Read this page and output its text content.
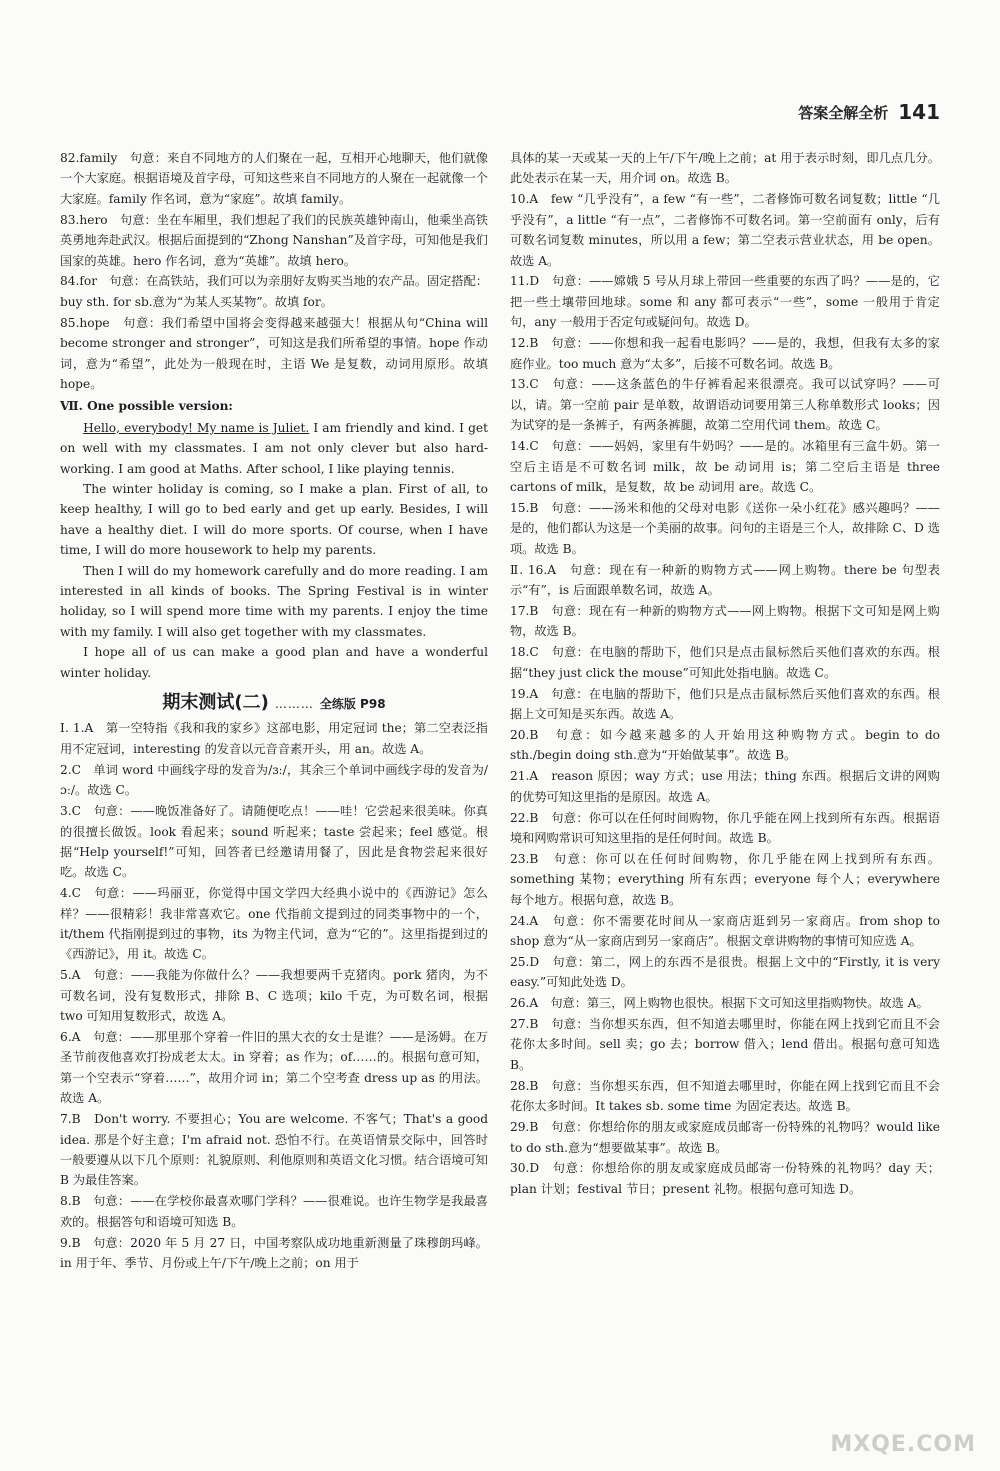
答案全解全析 141
82.family　句意：来自不同地方的人们聚在一起，互相开心地聊天，他们就像一个大家庭。根据语境及首字母，可知这些来自不同地方的人聚在一起就像一个大家庭。family 作名词，意为“家庭”。故填 family。
83.hero　句意：坐在车厢里，我们想起了我们的民族英雄钟南山，他乘坐高铁英勇地奔赴武汉。根据后面提到的“Zhong Nanshan”及首字母，可知他是我们国家的英雄。hero 作名词，意为“英雄”。故填 hero。
84.for　句意：在高铁站，我们可以为亲朋好友购买当地的农产品。固定搭配：buy sth. for sb.意为“为某人买某物”。故填 for。
85.hope　句意：我们希望中国将会变得越来越强大！根据从句“China will become stronger and stronger”，可知这是我们所希望的事情。hope 作动词，意为“希望”，此处为一般现在时，主语 We 是复数，动词用原形。故填 hope。
Ⅶ. One possible version:

Hello, everybody! My name is Juliet. I am friendly and kind. I get on well with my classmates. I am not only clever but also hard-working. I am good at Maths. After school, I like playing tennis.

The winter holiday is coming, so I make a plan. First of all, to keep healthy, I will go to bed early and get up early. Besides, I will have a healthy diet. I will do more sports. Of course, when I have time, I will do more housework to help my parents.

Then I will do my homework carefully and do more reading. I am interested in all kinds of books. The Spring Festival is in winter holiday, so I will spend more time with my parents. I enjoy the time with my family. I will also get together with my classmates.

I hope all of us can make a good plan and have a wonderful winter holiday.

期末测试(二) ……… 全练版 P98
Ⅰ. 1.A　第一空特指《我和我的家乡》这部电影，用定冠词 the；第二空表泛指用不定冠词，interesting 的发音以元音音素开头，用 an。故选 A。
2.C　单词 word 中画线字母的发音为/ɜː/，其余三个单词中画线字母的发音为/ɔː/。故选 C。
3.C　句意：——晚饭准备好了。请随便吃点！——哇！它尝起来很美味。你真的很擅长做饭。look 看起来；sound 听起来；taste 尝起来；feel 感觉。根据“Help yourself!”可知，回答者已经邀请用餐了，因此是食物尝起来很好吃。故选 C。
4.C　句意：——玛丽亚，你觉得中国文学四大经典小说中的《西游记》怎么样？——很精彩！我非常喜欢它。one 代指前文提到过的同类事物中的一个，it/them 代指刚提到过的事物，its 为物主代词，意为“它的”。这里指提到过的《西游记》，用 it。故选 C。
5.A　句意：——我能为你做什么？——我想要两千克猪肉。pork 猪肉，为不可数名词，没有复数形式，排除 B、C 选项；kilo 千克，为可数名词，根据 two 可知用复数形式，故选 A。
6.A　句意：——那里那个穿着一件旧的黑大衣的女士是谁？——是汤姆。在万圣节前夜他喜欢打扮成老太太。in 穿着；as 作为；of……的。根据句意可知，第一个空表示“穿着……”，故用介词 in；第二个空考查 dress up as 的用法。故选 A。
7.B　Don't worry. 不要担心；You are welcome. 不客气；That's a good idea. 那是个好主意；I'm afraid not. 恐怕不行。在英语情景交际中，回答时一般要遵从以下几个原则：礼貌原则、利他原则和英语文化习惯。结合语境可知 B 为最佳答案。
8.B　句意：——在学校你最喜欢哪门学科？——很难说。也许生物学是我最喜欢的。根据答句和语境可知选 B。
9.B　句意：2020 年 5 月 27 日，中国考察队成功地重新测量了珠穆朗玛峰。in 用于年、季节、月份或上午/下午/晚上之前；on 用于
具体的某一天或某一天的上午/下午/晚上之前；at 用于表示时刻，即几点几分。此处表示在某一天，用介词 on。故选 B。
10.A　few “几乎没有”，a few “有一些”，二者修饰可数名词复数；little “几乎没有”，a little “有一点”，二者修饰不可数名词。第一空前面有 only，后有可数名词复数 minutes，所以用 a few；第二空表示营业状态，用 be open。故选 A。
11.D　句意：——嫦娥 5 号从月球上带回一些重要的东西了吗？——是的，它把一些土壤带回地球。some 和 any 都可表示“一些”，some 一般用于肯定句，any 一般用于否定句或疑问句。故选 D。
12.B　句意：——你想和我一起看电影吗？——是的，我想，但我有太多的家庭作业。too much 意为“太多”，后接不可数名词。故选 B。
13.C　句意：——这条蓝色的牛仔裤看起来很漂亮。我可以试穿吗？——可以，请。第一空前 pair 是单数，故谓语动词要用第三人称单数形式 looks；因为试穿的是一条裤子，有两条裤腿，故第二空用代词 them。故选 C。
14.C　句意：——妈妈，家里有牛奶吗？——是的。冰箱里有三盒牛奶。第一空后主语是不可数名词 milk，故 be 动词用 is；第二空后主语是 three cartons of milk，是复数，故 be 动词用 are。故选 C。
15.B　句意：——汤米和他的父母对电影《送你一朵小红花》感兴趣吗？——是的，他们都认为这是一个美丽的故事。问句的主语是三个人，故排除 C、D 选项。故选 B。
Ⅱ. 16.A　句意：现在有一种新的购物方式——网上购物。there be 句型表示“有”，is 后面跟单数名词，故选 A。
17.B　句意：现在有一种新的购物方式——网上购物。根据下文可知是网上购物，故选 B。
18.C　句意：在电脑的帮助下，他们只是点击鼠标然后买他们喜欢的东西。根据“they just click the mouse”可知此处指电脑。故选 C。
19.A　句意：在电脑的帮助下，他们只是点击鼠标然后买他们喜欢的东西。根据上文可知是买东西。故选 A。
20.B　句意：如今越来越多的人开始用这种购物方式。begin to do sth./begin doing sth.意为“开始做某事”。故选 B。
21.A　reason 原因；way 方式；use 用法；thing 东西。根据后文讲的网购的优势可知这里指的是原因。故选 A。
22.B　句意：你可以在任何时间购物，你几乎能在网上找到所有东西。根据语境和网购常识可知这里指的是任何时间。故选 B。
23.B　句意：你可以在任何时间购物，你几乎能在网上找到所有东西。something 某物；everything 所有东西；everyone 每个人；everywhere 每个地方。根据句意，故选 B。
24.A　句意：你不需要花时间从一家商店逛到另一家商店。from shop to shop 意为“从一家商店到另一家商店”。根据文章讲购物的事情可知应选 A。
25.D　句意：第二，网上的东西不是很贵。根据上文中的“Firstly, it is very easy.”可知此处选 D。
26.A　句意：第三，网上购物也很快。根据下文可知这里指购物快。故选 A。
27.B　句意：当你想买东西，但不知道去哪里时，你能在网上找到它而且不会花你太多时间。sell 卖；go 去；borrow 借入；lend 借出。根据句意可知选 B。
28.B　句意：当你想买东西，但不知道去哪里时，你能在网上找到它而且不会花你太多时间。It takes sb. some time 为固定表达。故选 B。
29.B　句意：你想给你的朋友或家庭成员邮寄一份特殊的礼物吗？would like to do sth.意为“想要做某事”。故选 B。
30.D　句意：你想给你的朋友或家庭成员邮寄一份特殊的礼物吗？day 天；plan 计划；festival 节日；present 礼物。根据句意可知选 D。
MXQE.COM
